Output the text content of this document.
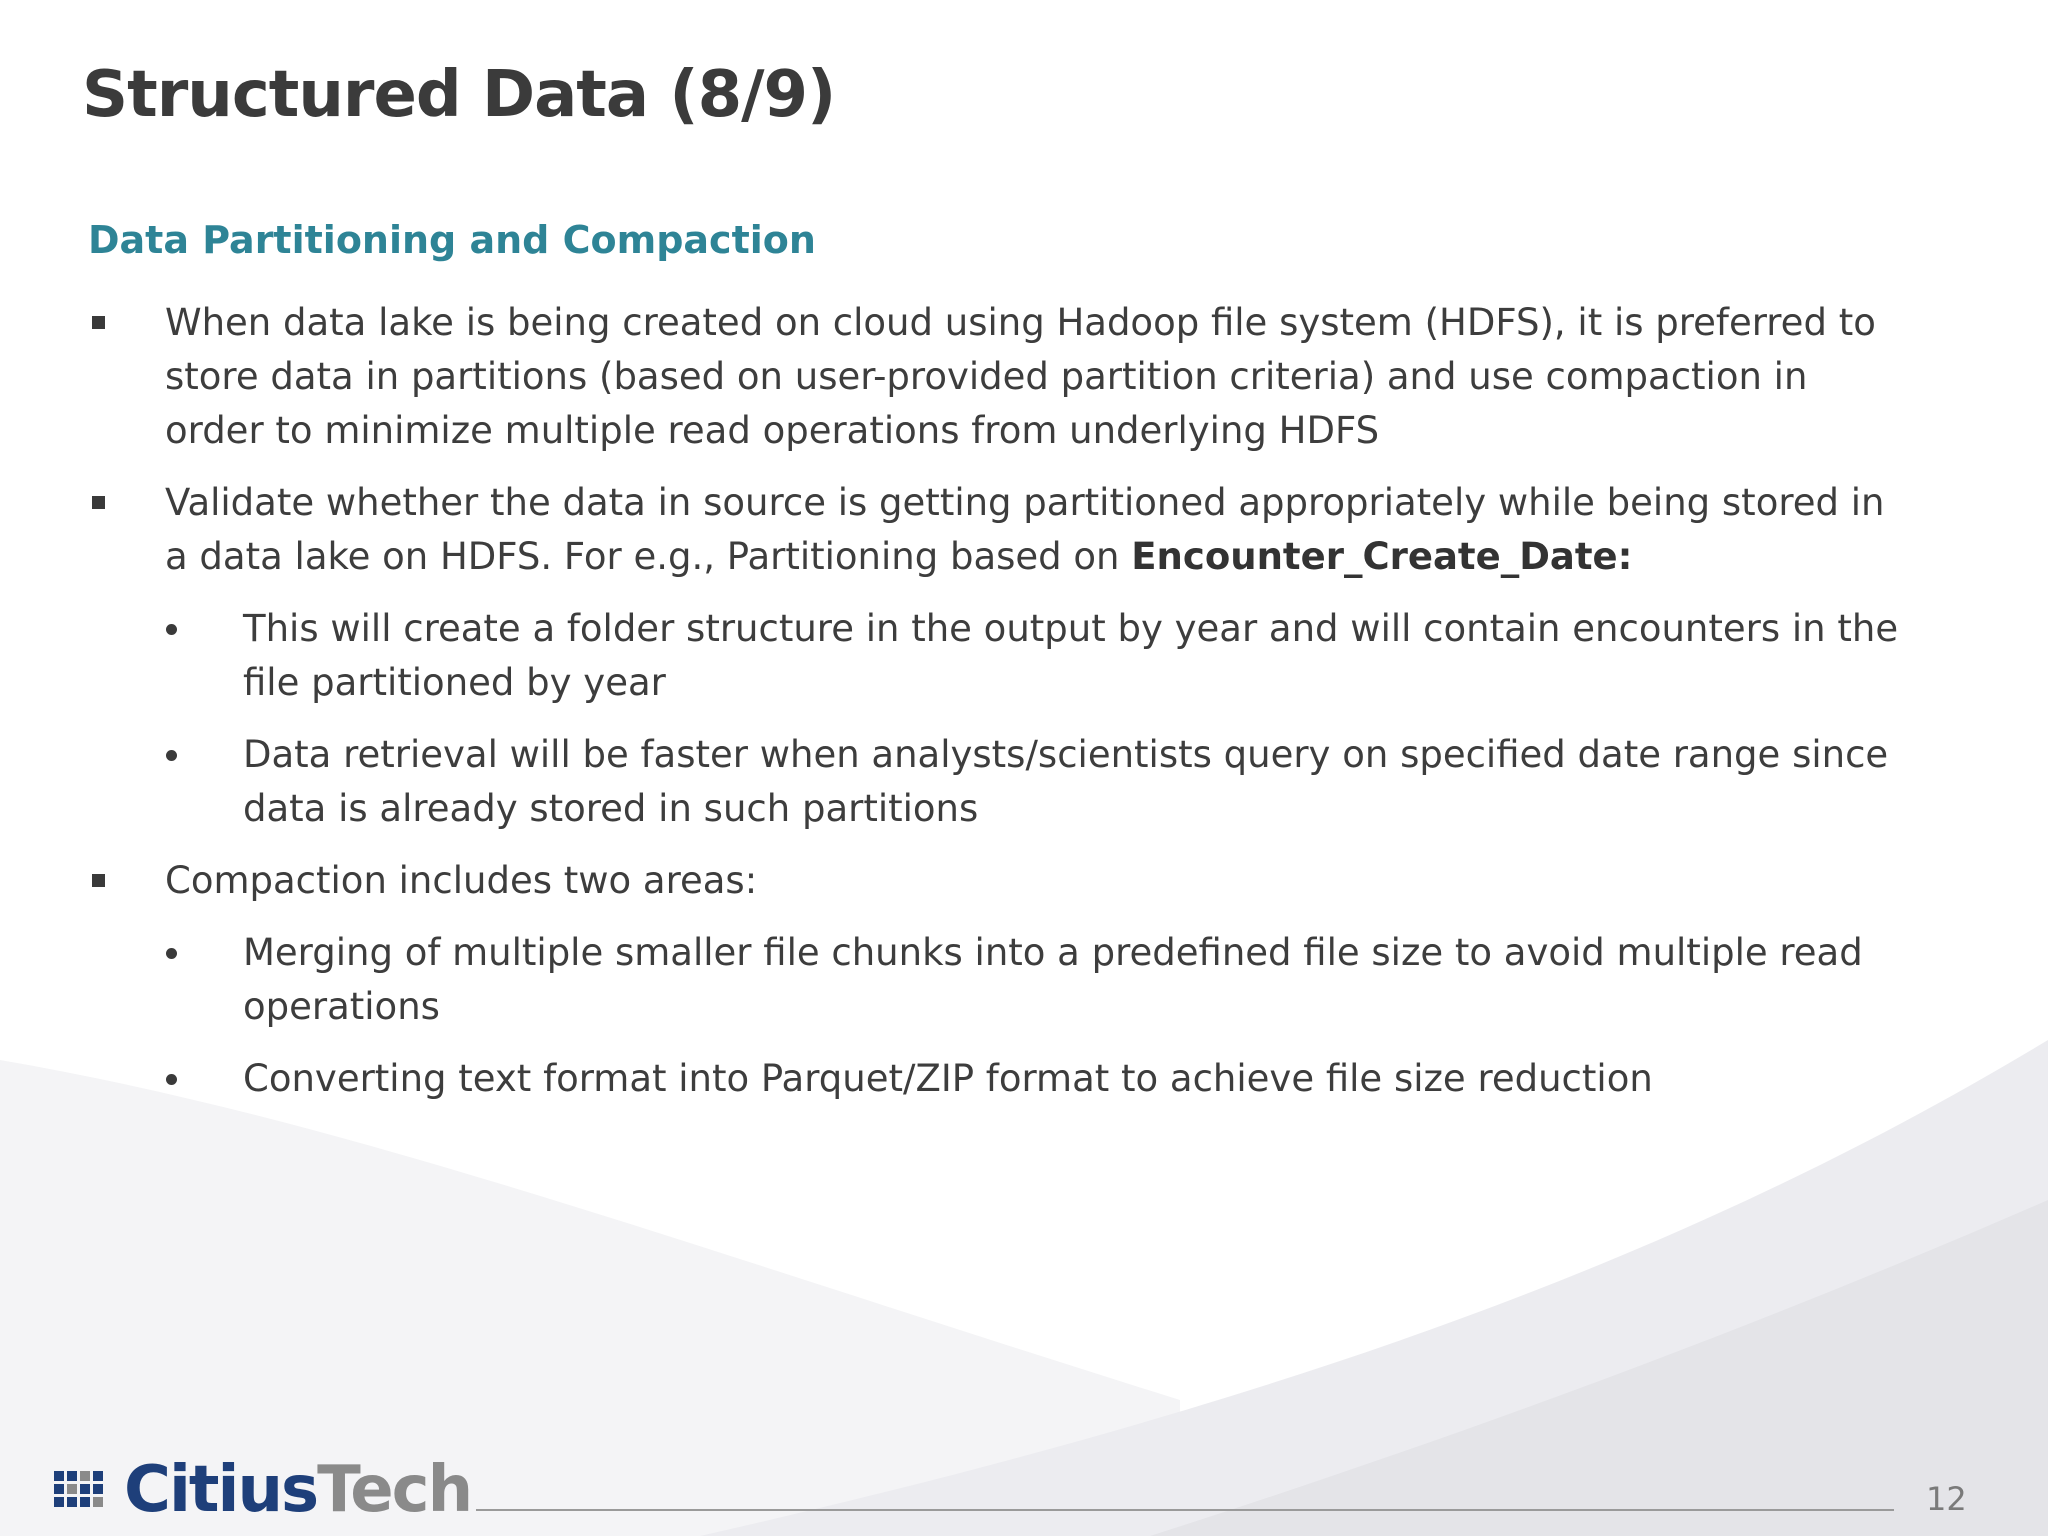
Structured Data (8/9)
Data Partitioning and Compaction
When data lake is being created on cloud using Hadoop file system (HDFS), it is preferred to store data in partitions (based on user-provided partition criteria) and use compaction in order to minimize multiple read operations from underlying HDFS
Validate whether the data in source is getting partitioned appropriately while being stored in a data lake on HDFS. For e.g., Partitioning based on Encounter_Create_Date:
This will create a folder structure in the output by year and will contain encounters in the file partitioned by year
Data retrieval will be faster when analysts/scientists query on specified date range since data is already stored in such partitions
Compaction includes two areas:
Merging of multiple smaller file chunks into a predefined file size to avoid multiple read operations
Converting text format into Parquet/ZIP format to achieve file size reduction
CitiusTech	12
